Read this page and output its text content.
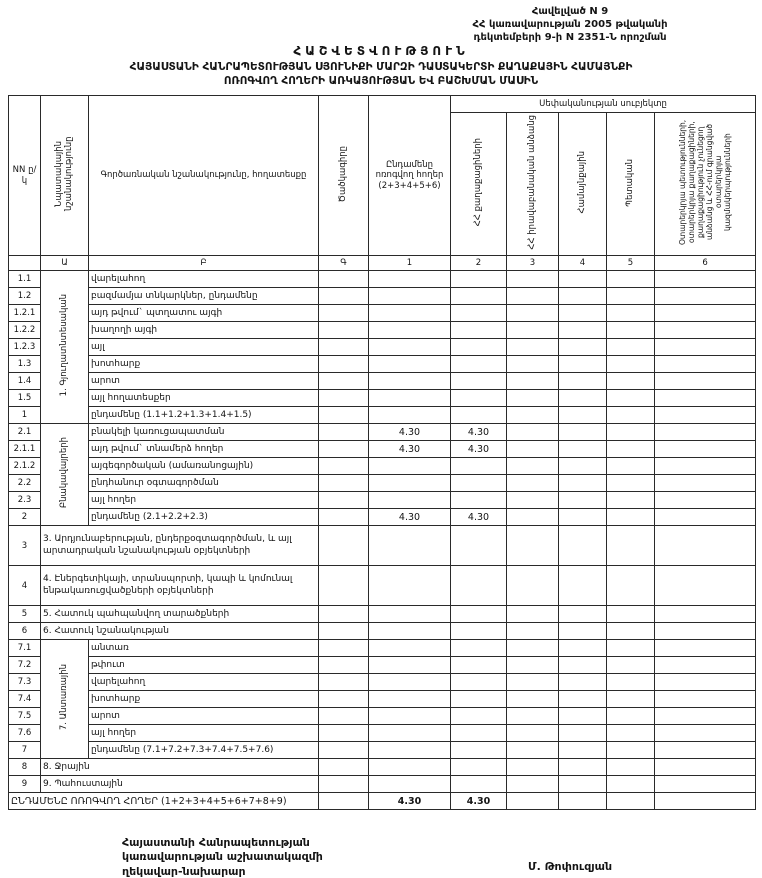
Հավելված N 9
ՀՀ կառավարության 2005 թվականի
դեկտեմբերի 9-ի N 2351-Ն որոշման
ՀԱՇՎԵՏՎՈՒԹՅՈՒՆ
ՀԱՅԱՍՏԱՆԻ ՀԱՆՐԱՊԵՏՈՒԹՅԱՆ ՍՅՈՒՆԻՔԻ ՄԱՐԶԻ ԴԱՍՏԱԿԵՐՏԻ ՔԱՂԱՔԱՅԻՆ ՀԱՄԱՅՆՔԻ
ՈՌՈԳՎՈՂ ՀՈՂԵՐԻ ԱՌԿԱՅՈՒԹՅԱՆ ԵՎ ԲԱՇԽՄԱՆ ՄԱՍԻՆ
NN ը/կ	Նպատակային նշանակությունը	Գործառնական նշանակությունը, հողատեսքը	Ծածկագիրը	Ընդամենը ոռոգվող հողեր (2+3+4+5+6)	Սեփականության սուբյեկտը				
					ՀՀ քաղաքացիների	ՀՀ իրավաբանական անձանց	Համայնքային	Պետական	Օտարերկրյա պետությունների, օտարերկրյա քաղաքացիների, քաղաքացիություն չունեցող անձանց և ՀՀ-ում գրանցված օտարերկրյա կազմակերպությունների
	Ա	Բ	Գ	1	2	3	4	5	6
1.1	1. Գյուղատնտեսական	վարելահող							
1.2		բազմամյա տնկարկներ, ընդամենը							
1.2.1		այդ թվում` պտղատու այգի							
1.2.2		խաղողի այգի							
1.2.3		այլ							
1.3		խոտհարք							
1.4		արոտ							
1.5		այլ հողատեսքեր							
1		ընդամենը (1.1+1.2+1.3+1.4+1.5)							
2.1	Բնակավայրերի	բնակելի կառուցապատման		4.30	4.30				
2.1.1		այդ թվում` տնամերձ հողեր		4.30	4.30				
2.1.2		այգեգործական (ամառանոցային)							
2.2		ընդհանուր օգտագործման							
2.3		այլ հողեր							
2		ընդամենը (2.1+2.2+2.3)		4.30	4.30				
3	3. Արդյունաբերության, ընդերքօգտագործման, և այլ արտադրական նշանակության օբյեկտների								
4	4. Էներգետիկայի, տրանսպորտի, կապի և կոմունալ ենթակառուցվածքների օբյեկտների								
5	5. Հատուկ պահպանվող տարածքների								
6	6. Հատուկ նշանակության								
7.1	7. Անտառային	անտառ							
7.2		թփուտ							
7.3		վարելահող							
7.4		խոտհարք							
7.5		արոտ							
7.6		այլ հողեր							
7		ընդամենը (7.1+7.2+7.3+7.4+7.5+7.6)							
8	8. Ջրային								
9	9. Պահուստային								
ԸՆԴԱՄԵՆԸ ՈՌՈԳՎՈՂ ՀՈՂԵՐ (1+2+3+4+5+6+7+8+9)				4.30	4.30				
Հայաստանի Հանրապետության
կառավարության աշխատակազմի
ղեկավար-նախարար	Մ. Թոփուզյան
